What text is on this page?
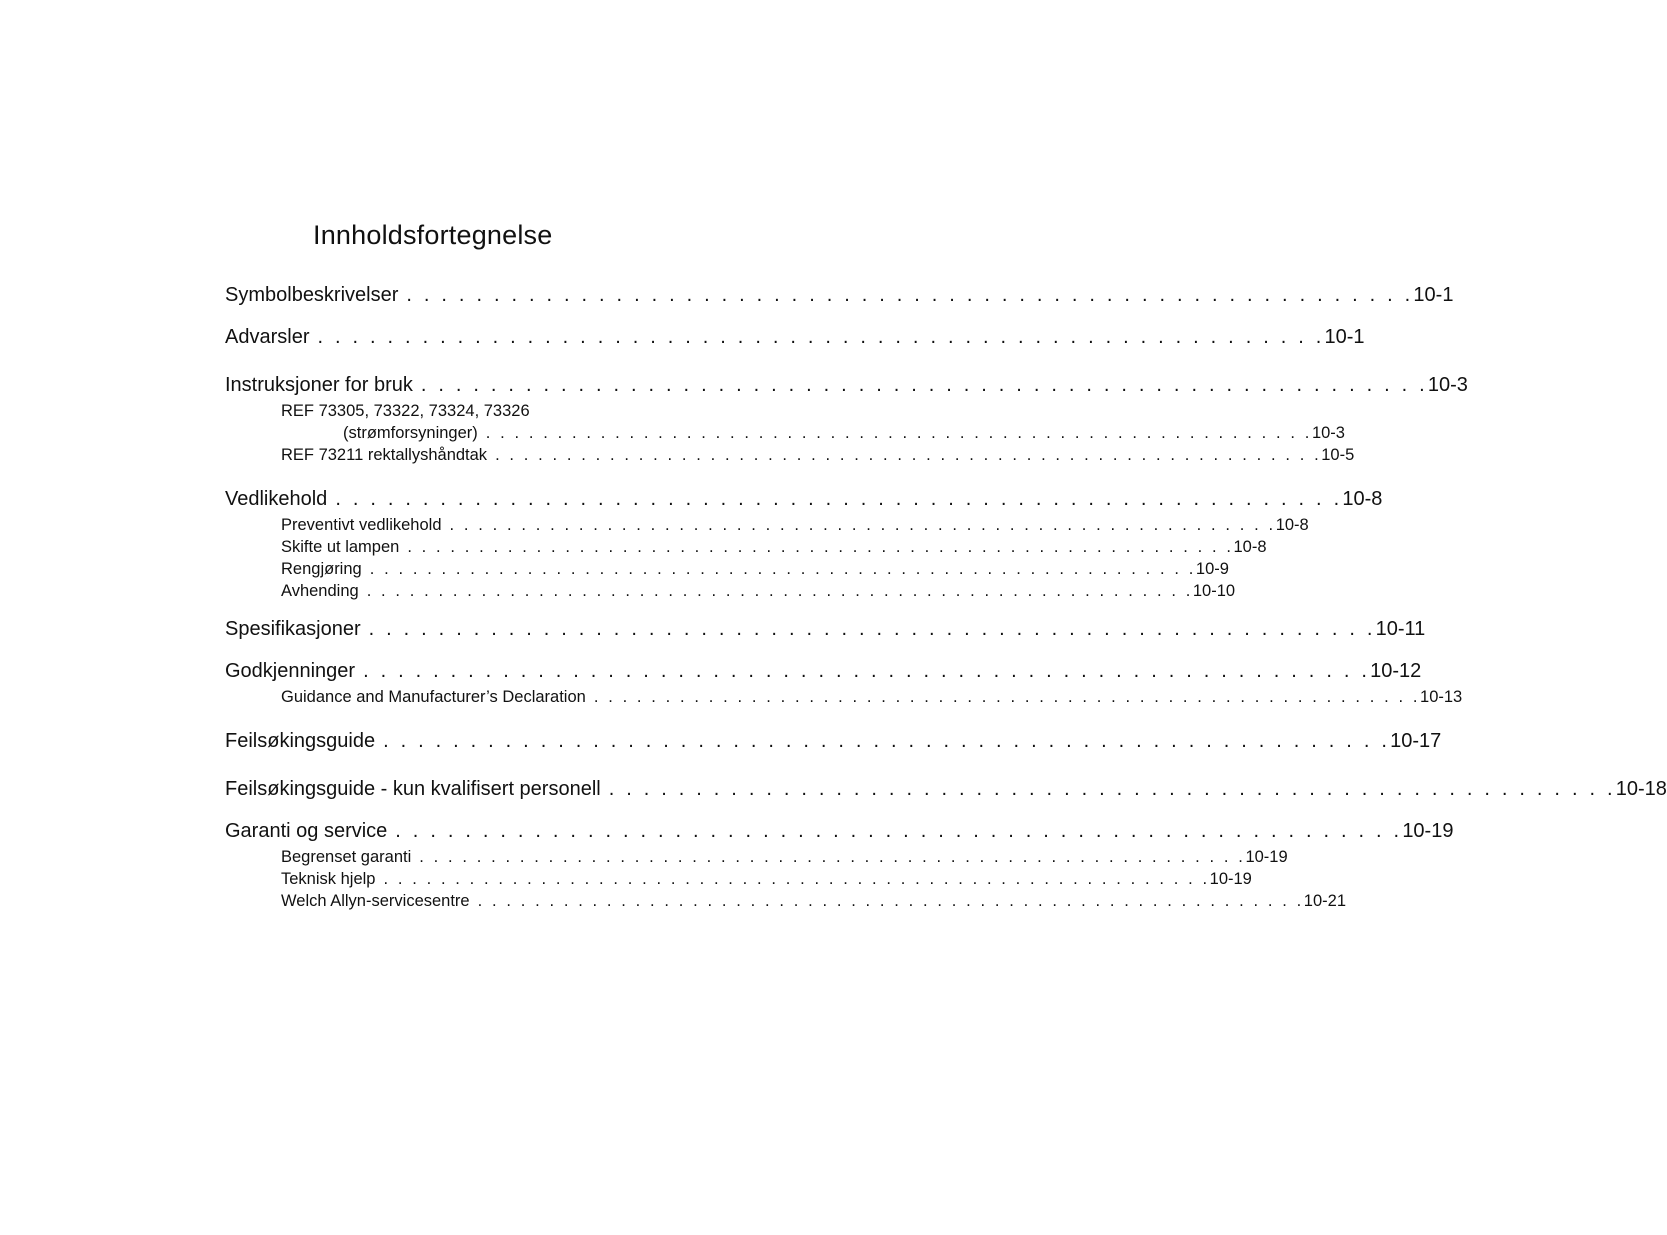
Innholdsfortegnelse
Symbolbeskrivelser . . . . . . . . . . . . . . . . . . . . . . . . . . . . . . . . . . . . . . . . . . . . . . . . . . . . . . . . . . 10-1
Advarsler . . . . . . . . . . . . . . . . . . . . . . . . . . . . . . . . . . . . . . . . . . . . . . . . . . . . . . . . . . 10-1
Instruksjoner for bruk . . . . . . . . . . . . . . . . . . . . . . . . . . . . . . . . . . . . . . . . . . . . . . . . . . . . . . . . . . 10-3
REF 73305, 73322, 73324, 73326
(strømforsyninger) . . . . . . . . . . . . . . . . . . . . . . . . . . . . . . . . . . . . . . . . . . . . . . . . . . . . . . . . . . 10-3
REF 73211 rektallyshåndtak . . . . . . . . . . . . . . . . . . . . . . . . . . . . . . . . . . . . . . . . . . . . . . . . . . . . . . . . . . 10-5
Vedlikehold . . . . . . . . . . . . . . . . . . . . . . . . . . . . . . . . . . . . . . . . . . . . . . . . . . . . . . . . . . 10-8
Preventivt vedlikehold . . . . . . . . . . . . . . . . . . . . . . . . . . . . . . . . . . . . . . . . . . . . . . . . . . . . . . . . . . 10-8
Skifte ut lampen . . . . . . . . . . . . . . . . . . . . . . . . . . . . . . . . . . . . . . . . . . . . . . . . . . . . . . . . . . 10-8
Rengjøring . . . . . . . . . . . . . . . . . . . . . . . . . . . . . . . . . . . . . . . . . . . . . . . . . . . . . . . . . . 10-9
Avhending . . . . . . . . . . . . . . . . . . . . . . . . . . . . . . . . . . . . . . . . . . . . . . . . . . . . . . . . . . 10-10
Spesifikasjoner . . . . . . . . . . . . . . . . . . . . . . . . . . . . . . . . . . . . . . . . . . . . . . . . . . . . . . . . . . 10-11
Godkjenninger . . . . . . . . . . . . . . . . . . . . . . . . . . . . . . . . . . . . . . . . . . . . . . . . . . . . . . . . . . 10-12
Guidance and Manufacturer’s Declaration . . . . . . . . . . . . . . . . . . . . . . . . . . . . . . . . . . . . . . . . . . . . . . . . . . . . . . . . . . 10-13
Feilsøkingsguide . . . . . . . . . . . . . . . . . . . . . . . . . . . . . . . . . . . . . . . . . . . . . . . . . . . . . . . . . . 10-17
Feilsøkingsguide - kun kvalifisert personell . . . . . . . . . . . . . . . . . . . . . . . . . . . . . . . . . . . . . . . . . . . . . . . . . . . . . . . . . . 10-18
Garanti og service . . . . . . . . . . . . . . . . . . . . . . . . . . . . . . . . . . . . . . . . . . . . . . . . . . . . . . . . . . 10-19
Begrenset garanti . . . . . . . . . . . . . . . . . . . . . . . . . . . . . . . . . . . . . . . . . . . . . . . . . . . . . . . . . . 10-19
Teknisk hjelp . . . . . . . . . . . . . . . . . . . . . . . . . . . . . . . . . . . . . . . . . . . . . . . . . . . . . . . . . . 10-19
Welch Allyn-servicesentre . . . . . . . . . . . . . . . . . . . . . . . . . . . . . . . . . . . . . . . . . . . . . . . . . . . . . . . . . . 10-21
